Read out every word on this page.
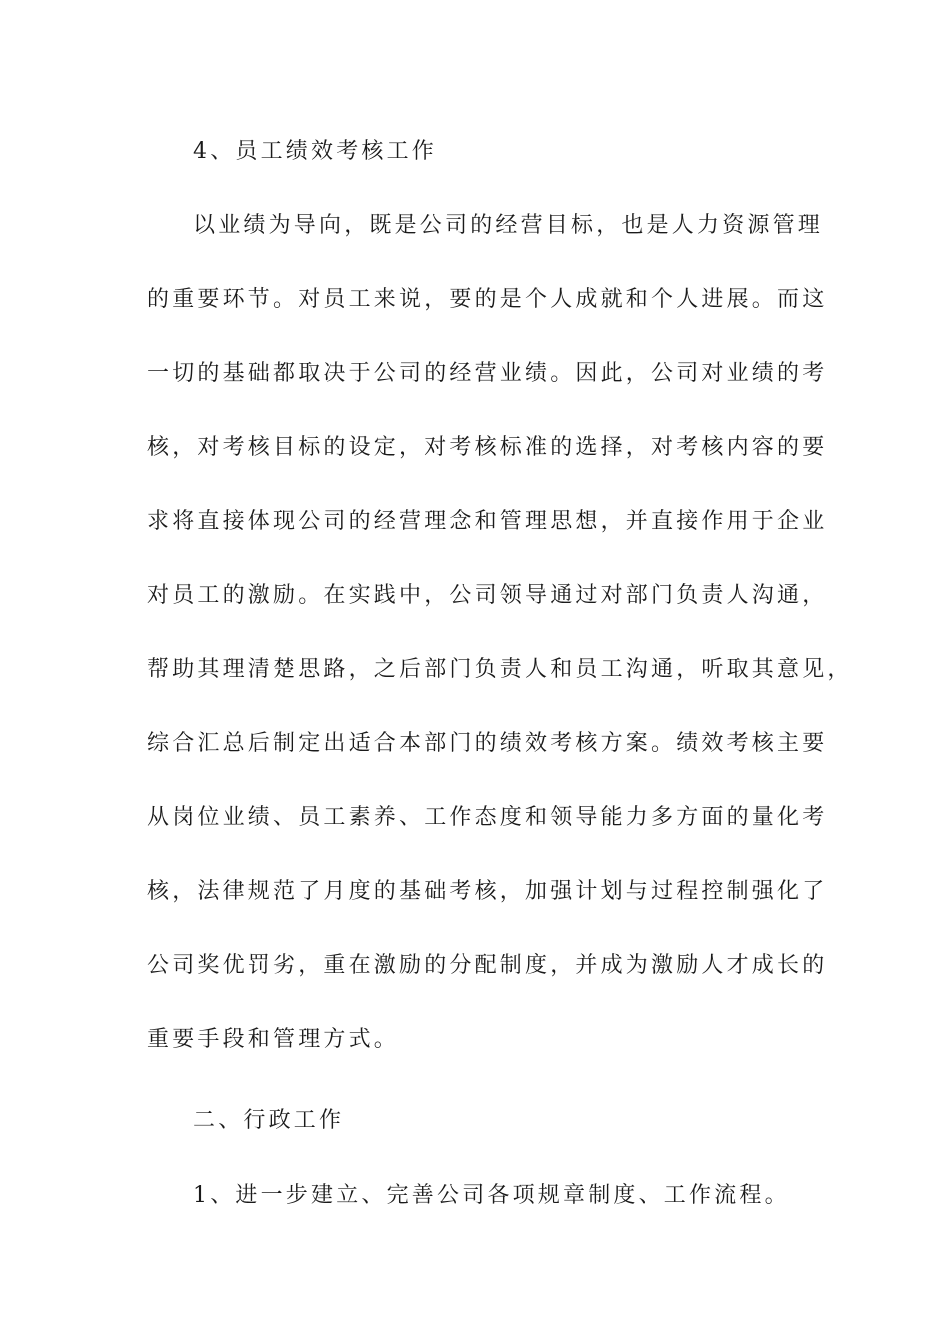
4、员工绩效考核工作
以业绩为导向，既是公司的经营目标，也是人力资源管理
的重要环节。对员工来说，要的是个人成就和个人进展。而这
一切的基础都取决于公司的经营业绩。因此，公司对业绩的考
核，对考核目标的设定，对考核标准的选择，对考核内容的要
求将直接体现公司的经营理念和管理思想，并直接作用于企业
对员工的激励。在实践中，公司领导通过对部门负责人沟通，
帮助其理清楚思路，之后部门负责人和员工沟通，听取其意见，
综合汇总后制定出适合本部门的绩效考核方案。绩效考核主要
从岗位业绩、员工素养、工作态度和领导能力多方面的量化考
核，法律规范了月度的基础考核，加强计划与过程控制强化了
公司奖优罚劣，重在激励的分配制度，并成为激励人才成长的
重要手段和管理方式。
二、行政工作
1、进一步建立、完善公司各项规章制度、工作流程。
